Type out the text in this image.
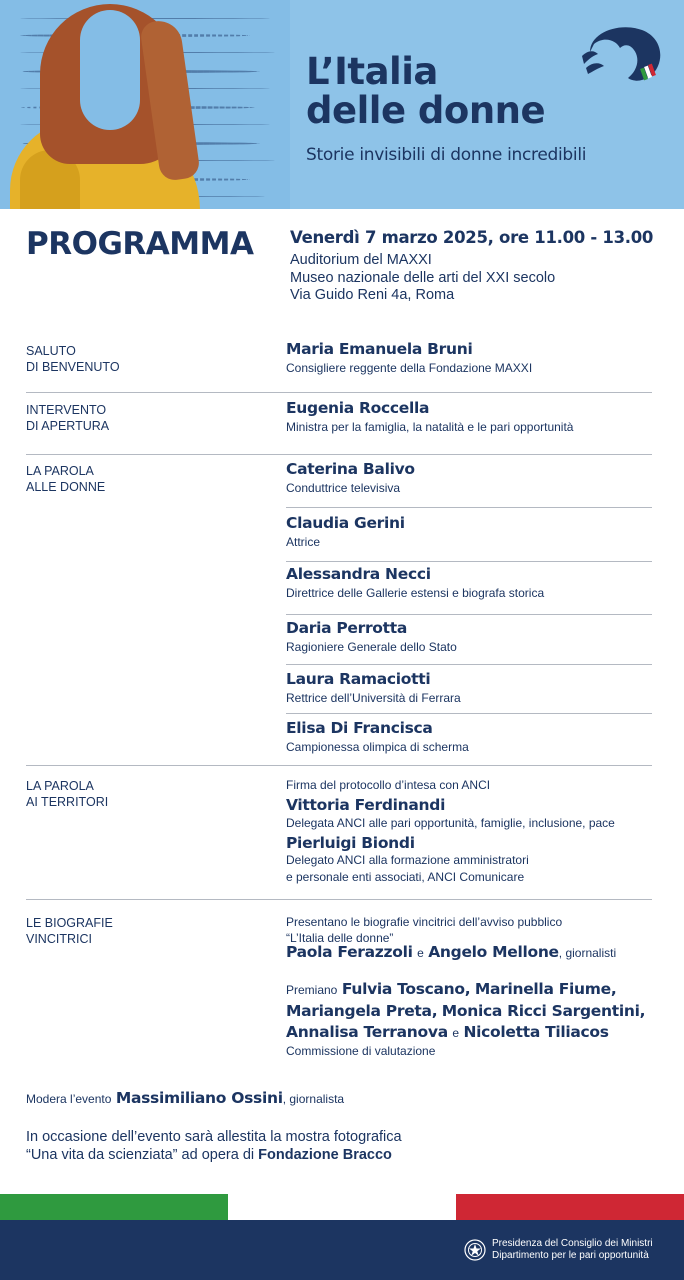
L’Italia
delle donne
Storie invisibili di donne incredibili
PROGRAMMA Venerdì 7 marzo 2025, ore 11.00 - 13.00
Auditorium del MAXXI
Museo nazionale delle arti del XXI secolo
Via Guido Reni 4a, Roma
SALUTO
DI BENVENUTO
Maria Emanuela Bruni
Consigliere reggente della Fondazione MAXXI
INTERVENTO
DI APERTURA
Eugenia Roccella
Ministra per la famiglia, la natalità e le pari opportunità
LA PAROLA
ALLE DONNE
Caterina Balivo
Conduttrice televisiva
Claudia Gerini
Attrice
Alessandra Necci
Direttrice delle Gallerie estensi e biografa storica
Daria Perrotta
Ragioniere Generale dello Stato
Laura Ramaciotti
Rettrice dell’Università di Ferrara
Elisa Di Francisca
Campionessa olimpica di scherma
LA PAROLA
AI TERRITORI
Firma del protocollo d’intesa con ANCI
Vittoria Ferdinandi
Delegata ANCI alle pari opportunità, famiglie, inclusione, pace
Pierluigi Biondi
Delegato ANCI alla formazione amministratori
e personale enti associati, ANCI Comunicare
LE BIOGRAFIE
VINCITRICI
Presentano le biografie vincitrici dell’avviso pubblico
“L’Italia delle donne”
Paola Ferazzoli e Angelo Mellone, giornalisti
Premiano Fulvia Toscano, Marinella Fiume,
Mariangela Preta, Monica Ricci Sargentini,
Annalisa Terranova e Nicoletta Tiliacos
Commissione di valutazione
Modera l’evento Massimiliano Ossini, giornalista
In occasione dell’evento sarà allestita la mostra fotografica
“Una vita da scienziata” ad opera di Fondazione Bracco
Presidenza del Consiglio dei Ministri
Dipartimento per le pari opportunità
